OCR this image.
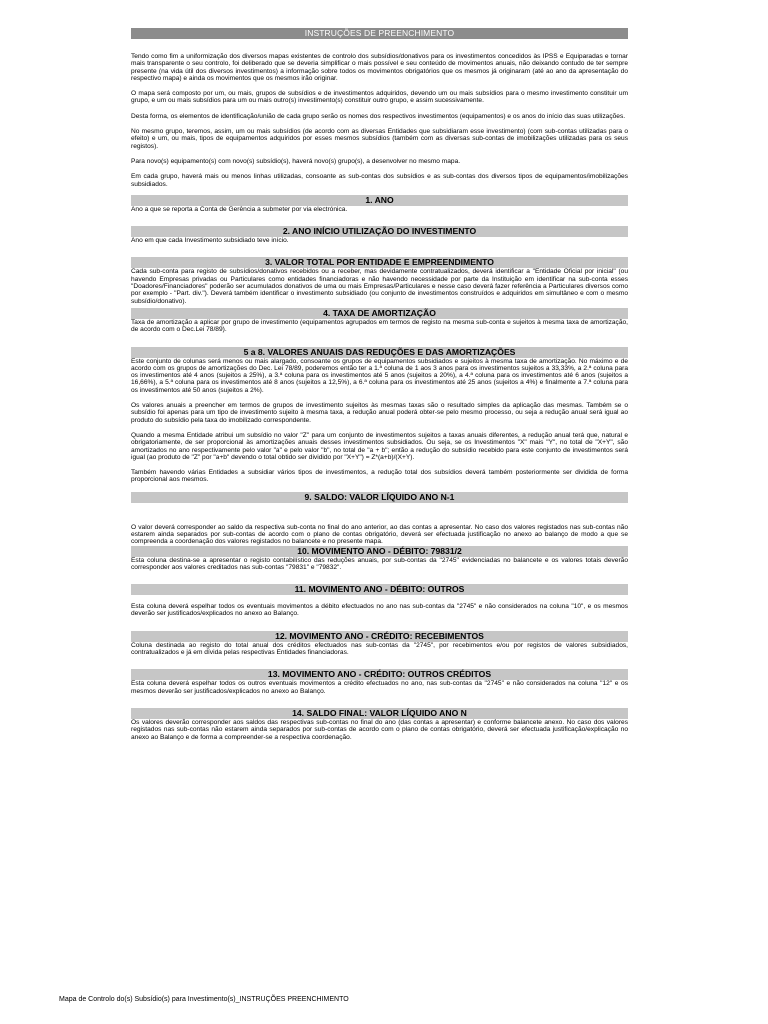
INSTRUÇÕES DE PREENCHIMENTO

Tendo como fim a uniformização dos diversos mapas existentes de controlo dos subsídios/donativos para os investimentos concedidos às IPSS e Equiparadas e tornar mais transparente o seu controlo, foi deliberado que se deveria simplificar o mais possível e seu conteúdo de movimentos anuais, não deixando contudo de ter sempre presente (na vida útil dos diversos investimentos) a informação sobre todos os movimentos obrigatórios que os mesmos já originaram (até ao ano da apresentação do respectivo mapa) e ainda os movimentos que os mesmos irão originar.

O mapa será composto por um, ou mais, grupos de subsídios e de investimentos adquiridos, devendo um ou mais subsídios para o mesmo investimento constituir um grupo, e um ou mais subsídios para um ou mais outro(s) investimento(s) constituir outro grupo, e assim sucessivamente.

Desta forma, os elementos de identificação/união de cada grupo serão os nomes dos respectivos investimentos (equipamentos) e os anos do início das suas utilizações.

No mesmo grupo, teremos, assim, um ou mais subsídios (de acordo com as diversas Entidades que subsidiaram esse investimento) (com sub-contas utilizadas para o efeito) e um, ou mais, tipos de equipamentos adquiridos por esses mesmos subsídios (também com as diversas sub-contas de imobilizações utilizadas para os seus registos).

Para novo(s) equipamento(s) com novo(s) subsídio(s), haverá novo(s) grupo(s), a desenvolver no mesmo mapa.

Em cada grupo, haverá mais ou menos linhas utilizadas, consoante as sub-contas dos subsídios e as sub-contas dos diversos tipos de equipamentos/imobilizações subsidiados.

1. ANO

Ano a que se reporta a Conta de Gerência a submeter por via electrónica.

2. ANO INÍCIO UTILIZAÇÃO DO INVESTIMENTO

Ano em que cada Investimento subsidiado teve início.

3. VALOR TOTAL POR ENTIDADE E EMPREENDIMENTO

Cada sub-conta para registo de subsídios/donativos recebidos ou a receber, mas devidamente contratualizados, deverá identificar a "Entidade Oficial por inicial" (ou havendo Empresas privadas ou Particulares como entidades financiadoras e não havendo necessidade por parte da Instituição em identificar na sub-conta esses "Doadores/Financiadores" poderão ser acumulados donativos de uma ou mais Empresas/Particulares e nesse caso deverá fazer referência a Particulares diversos como por exemplo - "Part. div."). Deverá também identificar o investimento subsidiado (ou conjunto de investimentos construídos e adquiridos em simultâneo e com o mesmo subsídio/donativo).

4. TAXA DE AMORTIZAÇÃO

Taxa de amortização a aplicar por grupo de investimento (equipamentos agrupados em termos de registo na mesma sub-conta e sujeitos à mesma taxa de amortização, de acordo com o Dec.Lei 78/89).

5 a 8. VALORES ANUAIS DAS REDUÇÕES E DAS AMORTIZAÇÕES

Este conjunto de colunas será menos ou mais alargado, consoante os grupos de equipamentos subsidiados e sujeitos à mesma taxa de amortização. No máximo e de acordo com os grupos de amortizações do Dec. Lei 78/89, poderemos então ter a 1.ª coluna de 1 aos 3 anos para os investimentos sujeitos a 33,33%, a 2.ª coluna para os investimentos até 4 anos (sujeitos a 25%), a 3.ª coluna para os investimentos até 5 anos (sujeitos a 20%), a 4.ª coluna para os investimentos até 6 anos (sujeitos a 16,66%), a 5.ª coluna para os investimentos até 8 anos (sujeitos a 12,5%), a 6.ª coluna para os investimentos até 25 anos (sujeitos a 4%) e finalmente a 7.ª coluna para os investimentos até 50 anos (sujeitos a 2%).

Os valores anuais a preencher em termos de grupos de investimento sujeitos às mesmas taxas são o resultado simples da aplicação das mesmas. Também se o subsídio foi apenas para um tipo de investimento sujeito à mesma taxa, a redução anual poderá obter-se pelo mesmo processo, ou seja a redução anual será igual ao produto do subsídio pela taxa do imobilizado correspondente.

Quando a mesma Entidade atribui um subsídio no valor "Z" para um conjunto de investimentos sujeitos a taxas anuais diferentes, a redução anual terá que, natural e obrigatoriamente, de ser proporcional às amortizações anuais desses investimentos subsidiados. Ou seja, se os Investimentos "X" mais "Y", no total de "X+Y", são amortizados no ano respectivamente pelo valor "a" e pelo valor "b", no total de "a + b"; então a redução do subsídio recebido para este conjunto de investimentos será igual (ao produto de "Z" por "a+b" devendo o total obtido ser dividido por "X+Y") = Z*(a+b)/(X+Y).

Também havendo várias Entidades a subsidiar vários tipos de investimentos, a redução total dos subsídios deverá também posteriormente ser dividida de forma proporcional aos mesmos.

9. SALDO: VALOR LÍQUIDO ANO N-1

O valor deverá corresponder ao saldo da respectiva sub-conta no final do ano anterior, ao das contas a apresentar. No caso dos valores registados nas sub-contas não estarem ainda separados por sub-contas de acordo com o plano de contas obrigatório, deverá ser efectuada justificação no anexo ao balanço de modo a que se compreenda a coordenação dos valores registados no balancete e no presente mapa.

10. MOVIMENTO ANO - DÉBITO: 79831/2

Esta coluna destina-se a apresentar o registo contabilístico das reduções anuais, por sub-contas da "2745" evidenciadas no balancete e os valores totais deverão corresponder aos valores creditados nas sub-contas "79831" e "79832".

11. MOVIMENTO ANO - DÉBITO: OUTROS

Esta coluna deverá espelhar todos os eventuais movimentos a débito efectuados no ano nas sub-contas da "2745" e não considerados na coluna "10", e os mesmos deverão ser justificados/explicados no anexo ao Balanço.

12. MOVIMENTO ANO - CRÉDITO: RECEBIMENTOS

Coluna destinada ao registo do total anual dos créditos efectuados nas sub-contas da "2745", por recebimentos e/ou por registos de valores subsidiados, contratualizados e já em dívida pelas respectivas Entidades financiadoras.

13. MOVIMENTO ANO - CRÉDITO: OUTROS CRÉDITOS

Esta coluna deverá espelhar todos os outros eventuais movimentos a crédito efectuados no ano, nas sub-contas da "2745" e não considerados na coluna "12" e os mesmos deverão ser justificados/explicados no anexo ao Balanço.

14. SALDO FINAL: VALOR LÍQUIDO ANO N

Os valores deverão corresponder aos saldos das respectivas sub-contas no final do ano (das contas a apresentar) e conforme balancete anexo. No caso dos valores registados nas sub-contas não estarem ainda separados por sub-contas de acordo com o plano de contas obrigatório, deverá ser efectuada justificação/explicação no anexo ao Balanço e de forma a compreender-se a respectiva coordenação.

Mapa de Controlo do(s) Subsídio(s) para Investimento(s)_INSTRUÇÕES PREENCHIMENTO
